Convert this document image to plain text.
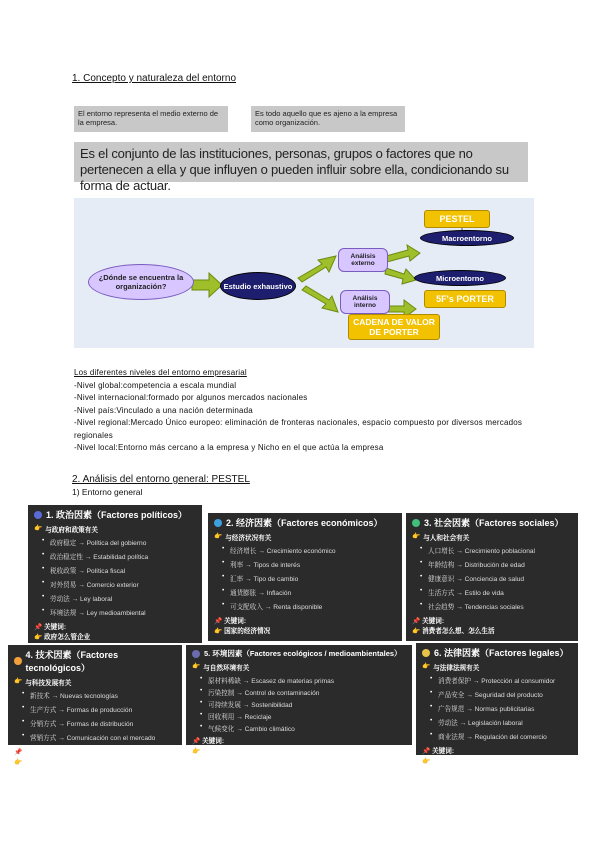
1. Concepto y naturaleza del entorno
El entorno representa el medio externo de la empresa.
Es todo aquello que es ajeno a la empresa como organización.
Es el conjunto de las instituciones, personas, grupos o factores que no pertenecen a ella y que influyen o pueden influir sobre ella, condicionando su forma de actuar.
¿Dónde se encuentra la organización?	Estudio exhaustivo
Análisis externo
Análisis interno
PESTEL
Macroentorno
Microentorno
5F's PORTER
CADENA DE VALOR DE PORTER
Los diferentes niveles del entorno empresarial
-Nivel global:competencia a escala mundial
-Nivel internacional:formado por algunos mercados nacionales
-Nivel país:Vinculado a una nación determinada
-Nivel regional:Mercado Único europeo: eliminación de fronteras nacionales, espacio compuesto por diversos mercados regionales
-Nivel local:Entorno más cercano a la empresa y Nicho en el que actúa la empresa
2. Análisis del entorno general: PESTEL
1) Entorno general
1. 政治因素（Factores políticos）
👉 与政府和政策有关
• 政府稳定 → Política del gobierno
• 政治稳定性 → Estabilidad política
• 税收政策 → Política fiscal
• 对外贸易 → Comercio exterior
• 劳动法 → Ley laboral
• 环境法规 → Ley medioambiental
📌 关键词:
👉 政府怎么管企业
2. 经济因素（Factores económicos）
👉 与经济状况有关
• 经济增长 → Crecimiento económico
• 利率 → Tipos de interés
• 汇率 → Tipo de cambio
• 通货膨胀 → Inflación
• 可支配收入 → Renta disponible
📌 关键词:
👉 国家的经济情况
3. 社会因素（Factores sociales）
👉 与人和社会有关
• 人口增长 → Crecimiento poblacional
• 年龄结构 → Distribución de edad
• 健康意识 → Conciencia de salud
• 生活方式 → Estilo de vida
• 社会趋势 → Tendencias sociales
📌 关键词:
👉 消费者怎么想、怎么生活
4. 技术因素（Factores tecnológicos）
👉 与科技发展有关
• 新技术 → Nuevas tecnologías
• 生产方式 → Formas de producción
• 分销方式 → Formas de distribución
• 营销方式 → Comunicación con el mercado
📌 关键词:
👉 技术怎么改变企业
5. 环境因素（Factores ecológicos / medioambientales）
👉 与自然环境有关
• 原材料稀缺 → Escasez de materias primas
• 污染控制 → Control de contaminación
• 可持续发展 → Sostenibilidad
• 回收利用 → Reciclaje
• 气候变化 → Cambio climático
📌 关键词:
👉 环保压力
6. 法律因素（Factores legales）
👉 与法律法规有关
• 消费者保护 → Protección al consumidor
• 产品安全 → Seguridad del producto
• 广告规范 → Normas publicitarias
• 劳动法 → Legislación laboral
• 商业法规 → Regulación del comercio
📌 关键词:
👉 企业必须遵守的规则
